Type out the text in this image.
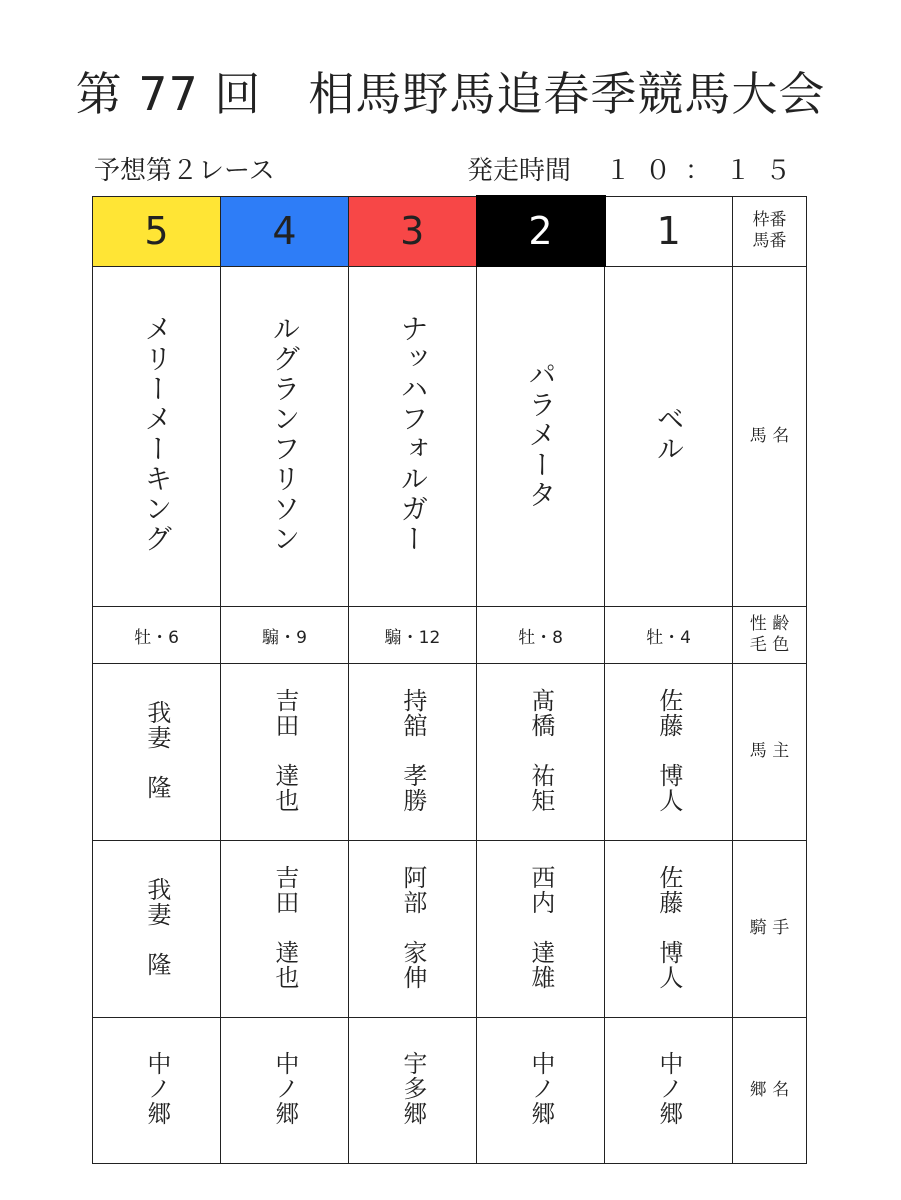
第 77 回　相馬野馬追春季競馬大会
予想第２レース	発走時間 １０：１５
5	4	3	2	1	枠番
馬番

メリーメーキング	ルグランフリソン	ナッハフォルガー	パラメータ	ベル	馬 名
牡・6	騸・9	騸・12	牡・8	牡・4	性 齢
毛 色

我妻　隆	吉田　達也	持舘　孝勝	髙橋　祐矩	佐藤　博人	馬 主
我妻　隆	吉田　達也	阿部　家伸	西内　達雄	佐藤　博人	騎 手
中ノ郷	中ノ郷	宇多郷	中ノ郷	中ノ郷	郷 名
